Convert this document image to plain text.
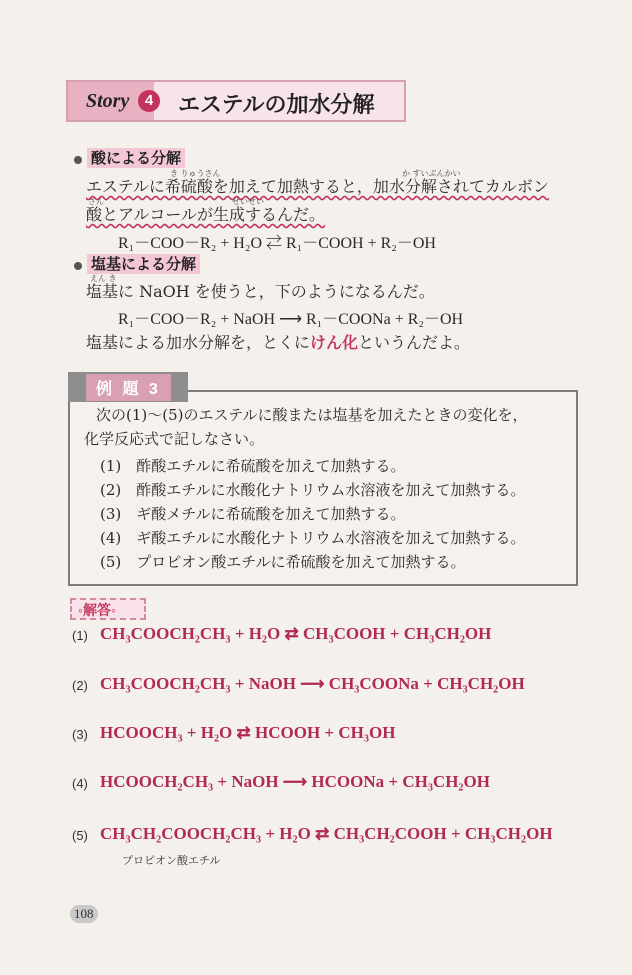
Story	4	エステルの加水分解
酸による分解
き りゅうさん	か すいぶんかい
エステルに希硫酸を加えて加熱すると，加水分解されてカルボン
さん	せいせい
酸とアルコールが生成するんだ。
R₁－COO－R₂ + H₂O ⇄ R₁－COOH + R₂－OH
塩基による分解
えん き
塩基に NaOH を使うと，下のようになるんだ。
R₁－COO－R₂ + NaOH ⟶ R₁－COONa + R₂－OH
塩基による加水分解を，とくにけん化というんだよ。
例 題 3
次の(1)～(5)のエステルに酸または塩基を加えたときの変化を，
化学反応式で記しなさい。
(1)　 酢酸エチルに希硫酸を加えて加熱する。
(2)　 酢酸エチルに水酸化ナトリウム水溶液を加えて加熱する。
(3)　 ギ酸メチルに希硫酸を加えて加熱する。
(4)　 ギ酸エチルに水酸化ナトリウム水溶液を加えて加熱する。
(5)　 プロピオン酸エチルに希硫酸を加えて加熱する。
◦解答◦
(1) CH₃COOCH₂CH₃ + H₂O ⇄ CH₃COOH + CH₃CH₂OH
(2) CH₃COOCH₂CH₃ + NaOH ⟶ CH₃COONa + CH₃CH₂OH
(3) HCOOCH₃ + H₂O ⇄ HCOOH + CH₃OH
(4) HCOOCH₂CH₃ + NaOH ⟶ HCOONa + CH₃CH₂OH
(5) CH₃CH₂COOCH₂CH₃ + H₂O ⇄ CH₃CH₂COOH + CH₃CH₂OH
プロピオン酸エチル
108
